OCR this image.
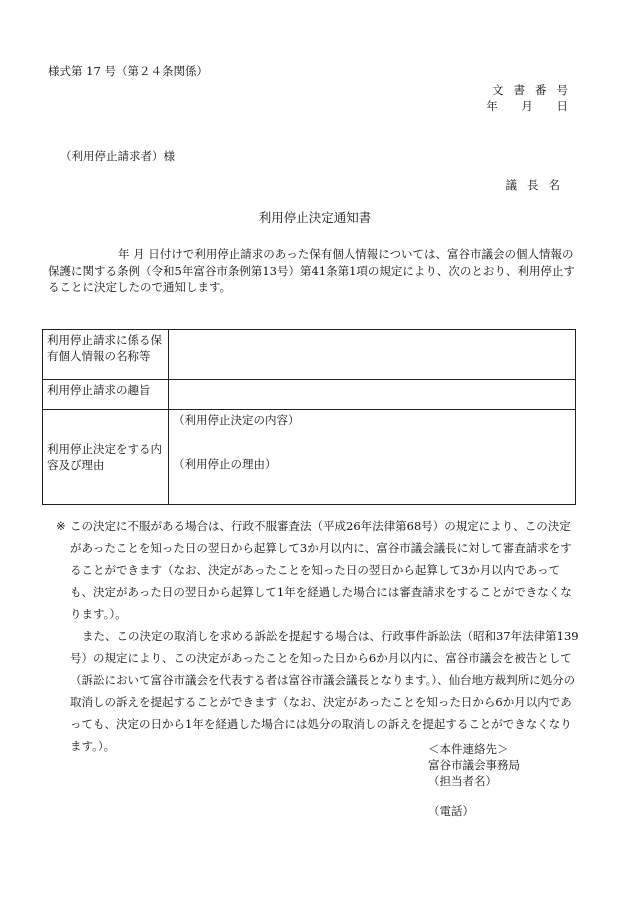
様式第 17 号（第２４条関係）
文書番号
年 月 日
（利用停止請求者）様
議長名
利用停止決定通知書
年 月 日付けで利用停止請求のあった保有個人情報については、富谷市議会の個人情報の保護に関する条例（令和5年富谷市条例第13号）第41条第1項の規定により、次のとおり、利用停止することに決定したので通知します。
利用停止請求に係る保有個人情報の名称等	
利用停止請求の趣旨	
利用停止決定をする内容及び理由	（利用停止決定の内容）
（利用停止の理由）
※ この決定に不服がある場合は、行政不服審査法（平成26年法律第68号）の規定により、この決定があったことを知った日の翌日から起算して3か月以内に、富谷市議会議長に対して審査請求をすることができます（なお、決定があったことを知った日の翌日から起算して3か月以内であっても、決定があった日の翌日から起算して1年を経過した場合には審査請求をすることができなくなります。）。

また、この決定の取消しを求める訴訟を提起する場合は、行政事件訴訟法（昭和37年法律第139号）の規定により、この決定があったことを知った日から6か月以内に、富谷市議会を被告として（訴訟において富谷市議会を代表する者は富谷市議会議長となります。）、仙台地方裁判所に処分の取消しの訴えを提起することができます（なお、決定があったことを知った日から6か月以内であっても、決定の日から1年を経過した場合には処分の取消しの訴えを提起することができなくなります。）。	＜本件連絡先＞
富谷市議会事務局
（担当者名）
（電話）
